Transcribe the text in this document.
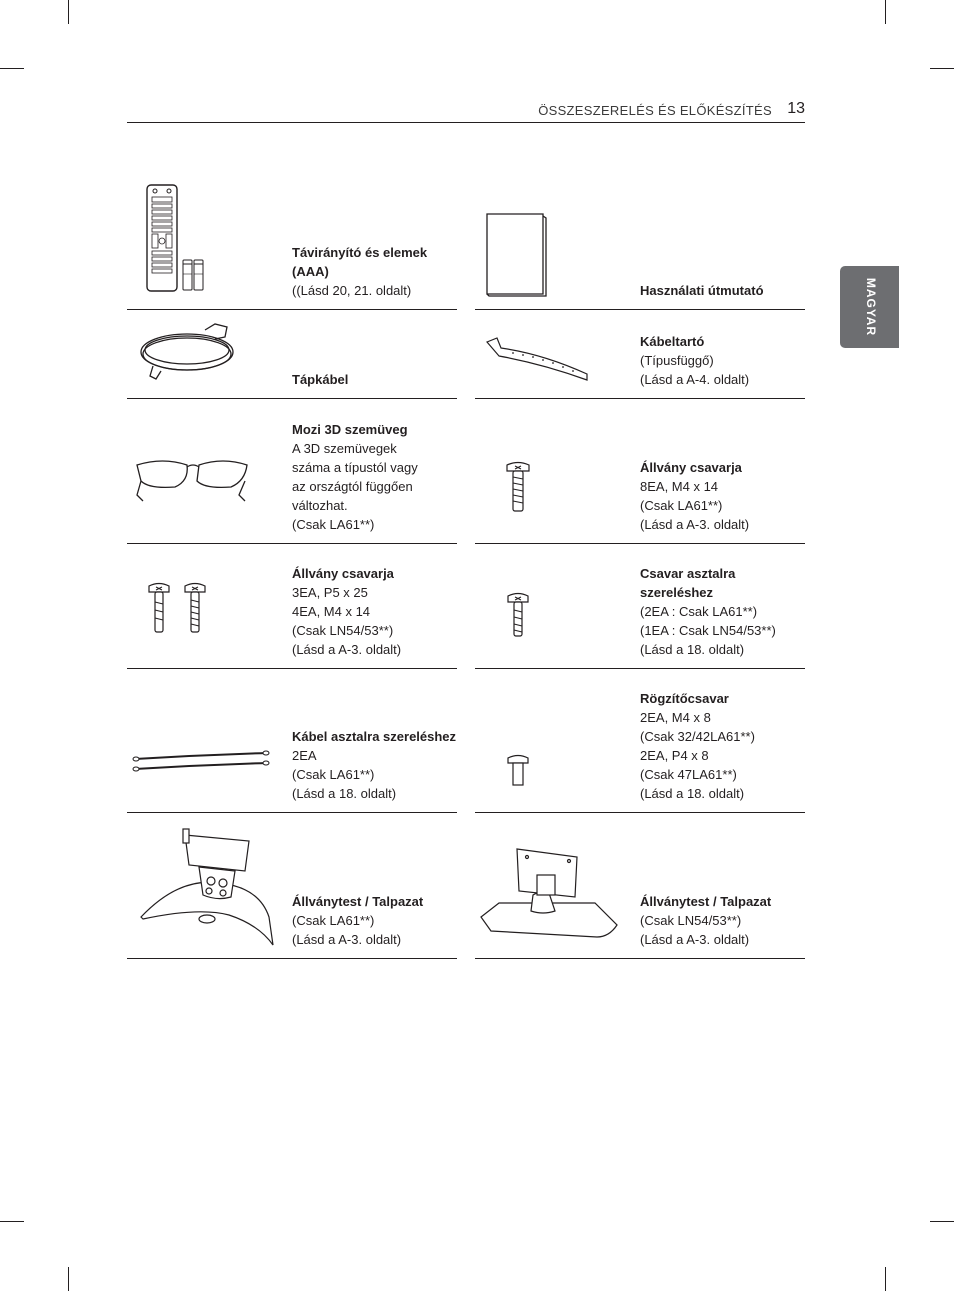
ÖSSZESZERELÉS ÉS ELŐKÉSZÍTÉS 13
MAGYAR
Távirányító és elemek (AAA)
((Lásd 20, 21. oldalt)	Használati útmutató
Tápkábel
Kábeltartó
(Típusfüggő)
(Lásd a A-4. oldalt)
Mozi 3D szemüveg
A 3D szemüvegek
száma a típustól vagy
az országtól függően
változhat.
(Csak LA61**)
Állvány csavarja
8EA, M4 x 14
(Csak LA61**)
(Lásd a A-3. oldalt)
Állvány csavarja
3EA, P5 x 25
4EA, M4 x 14
(Csak LN54/53**)
(Lásd a A-3. oldalt)
Csavar asztalra szereléshez
(2EA : Csak LA61**)
(1EA : Csak LN54/53**)
(Lásd a 18. oldalt)
Kábel asztalra szereléshez
2EA
(Csak LA61**)
(Lásd a 18. oldalt)
Rögzítőcsavar
2EA, M4 x 8
(Csak 32/42LA61**)
2EA, P4 x 8
(Csak 47LA61**)
(Lásd a 18. oldalt)
Állványtest / Talpazat
(Csak LA61**)
(Lásd a A-3. oldalt)
Állványtest / Talpazat
(Csak LN54/53**)
(Lásd a A-3. oldalt)
